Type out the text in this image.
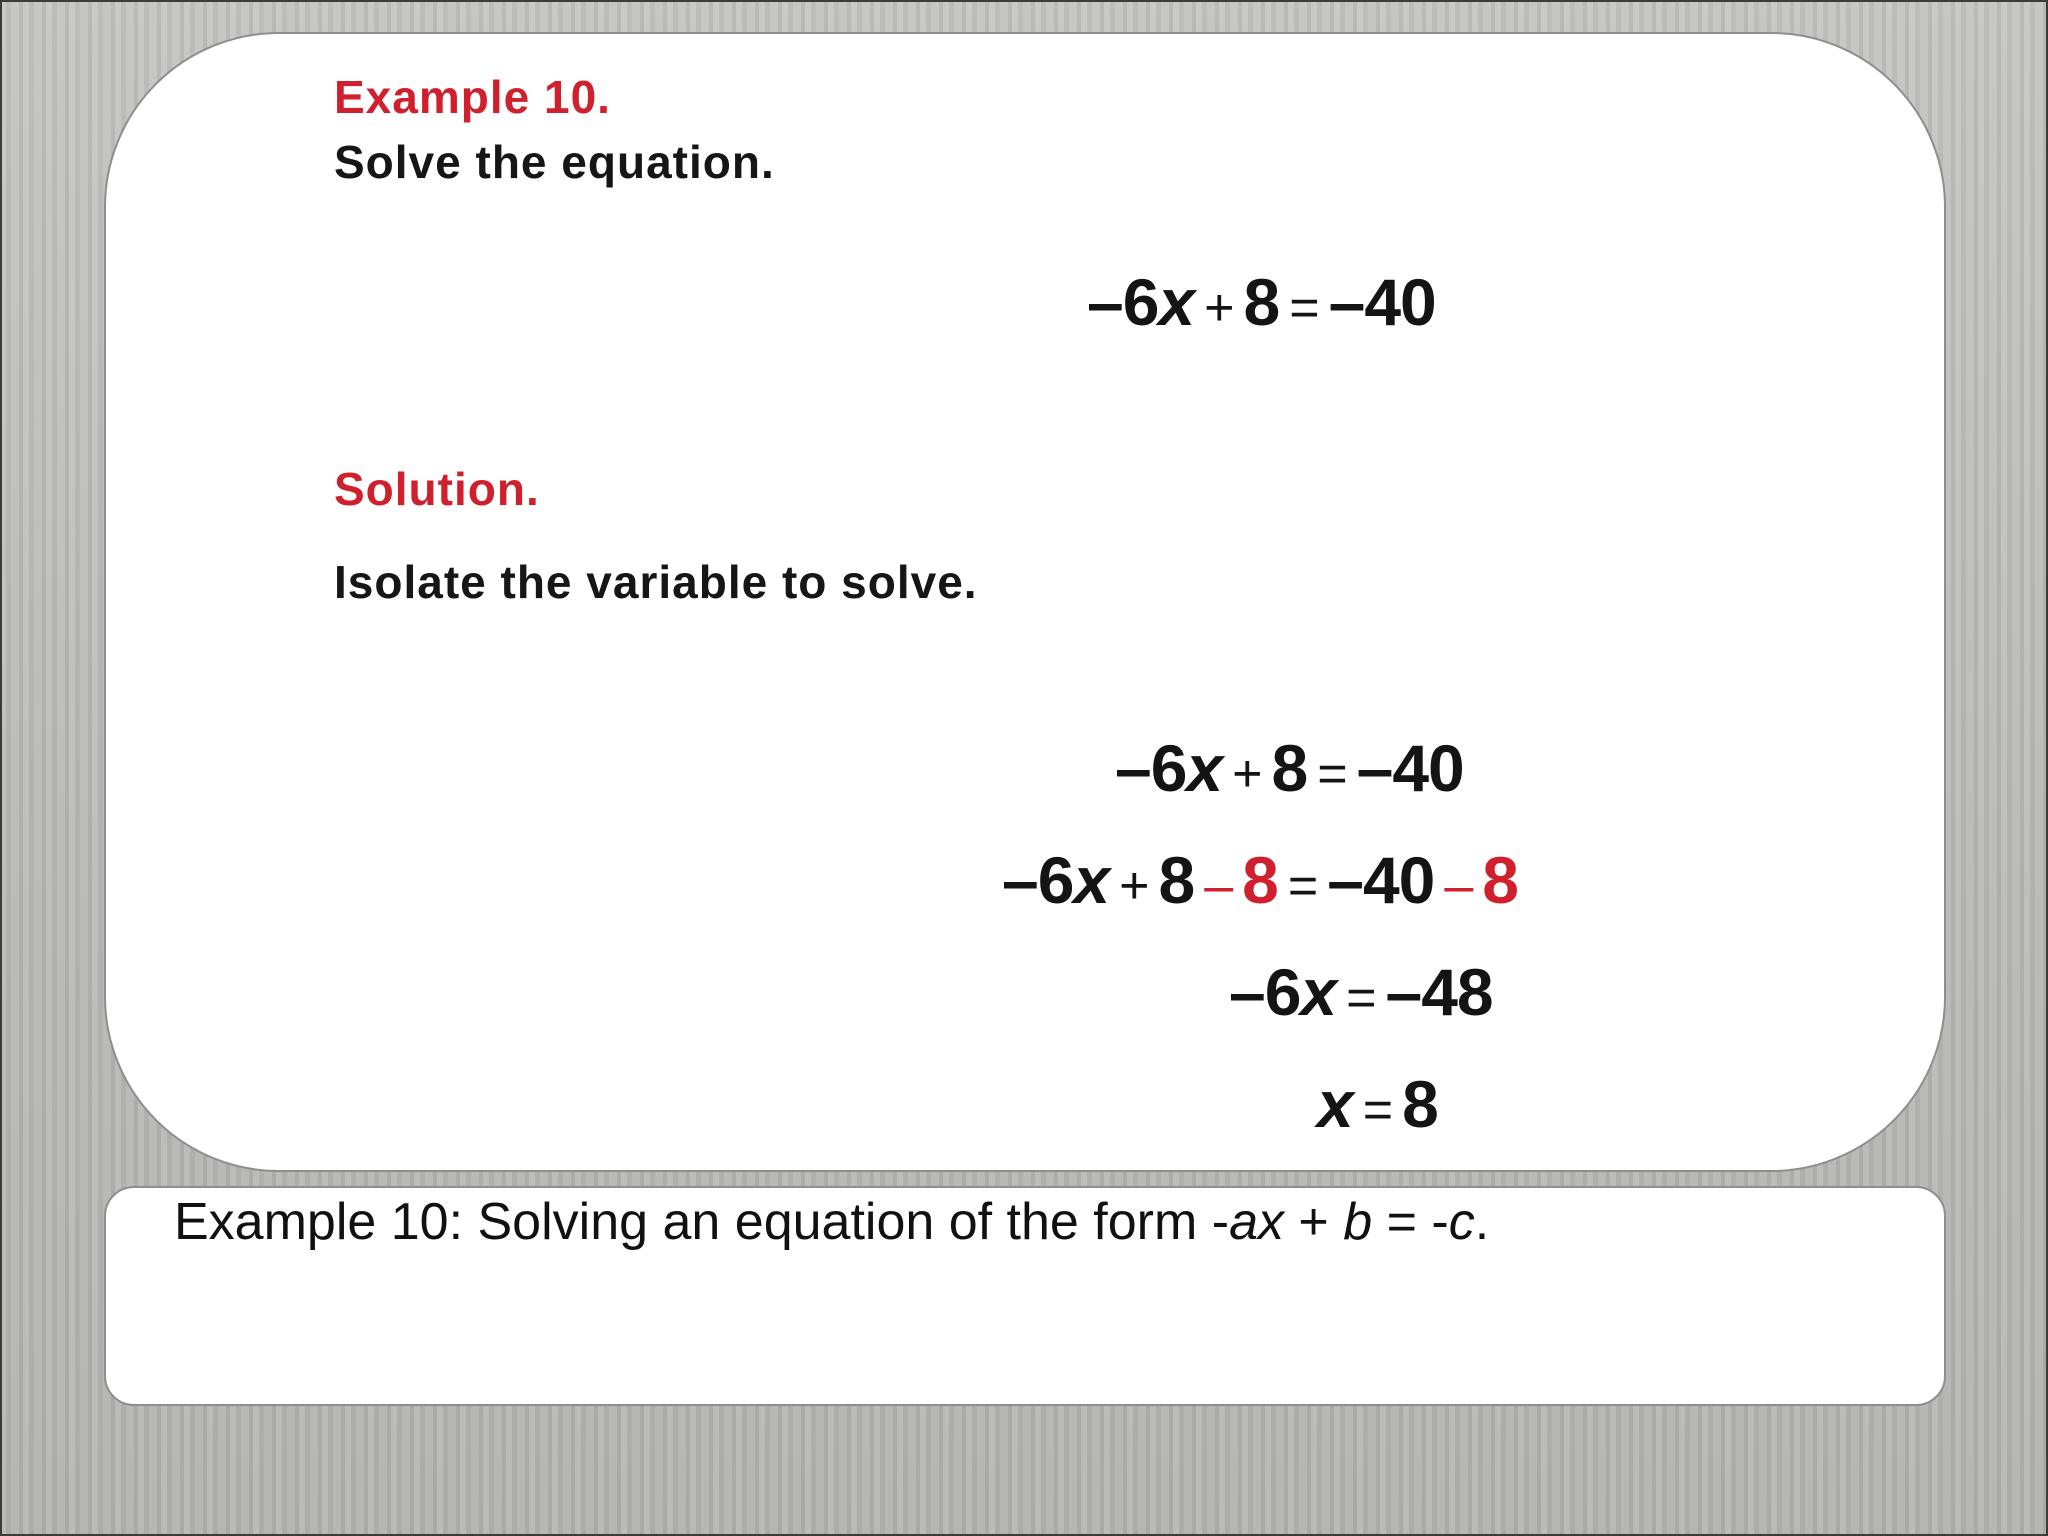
Example 10.
Solve the equation.
–6x + 8 = –40
Solution.
Isolate the variable to solve.
–6x + 8 = –40
–6x + 8 – 8 = –40 – 8
–6x = –48
x = 8
Example 10: Solving an equation of the form -ax + b = -c.
